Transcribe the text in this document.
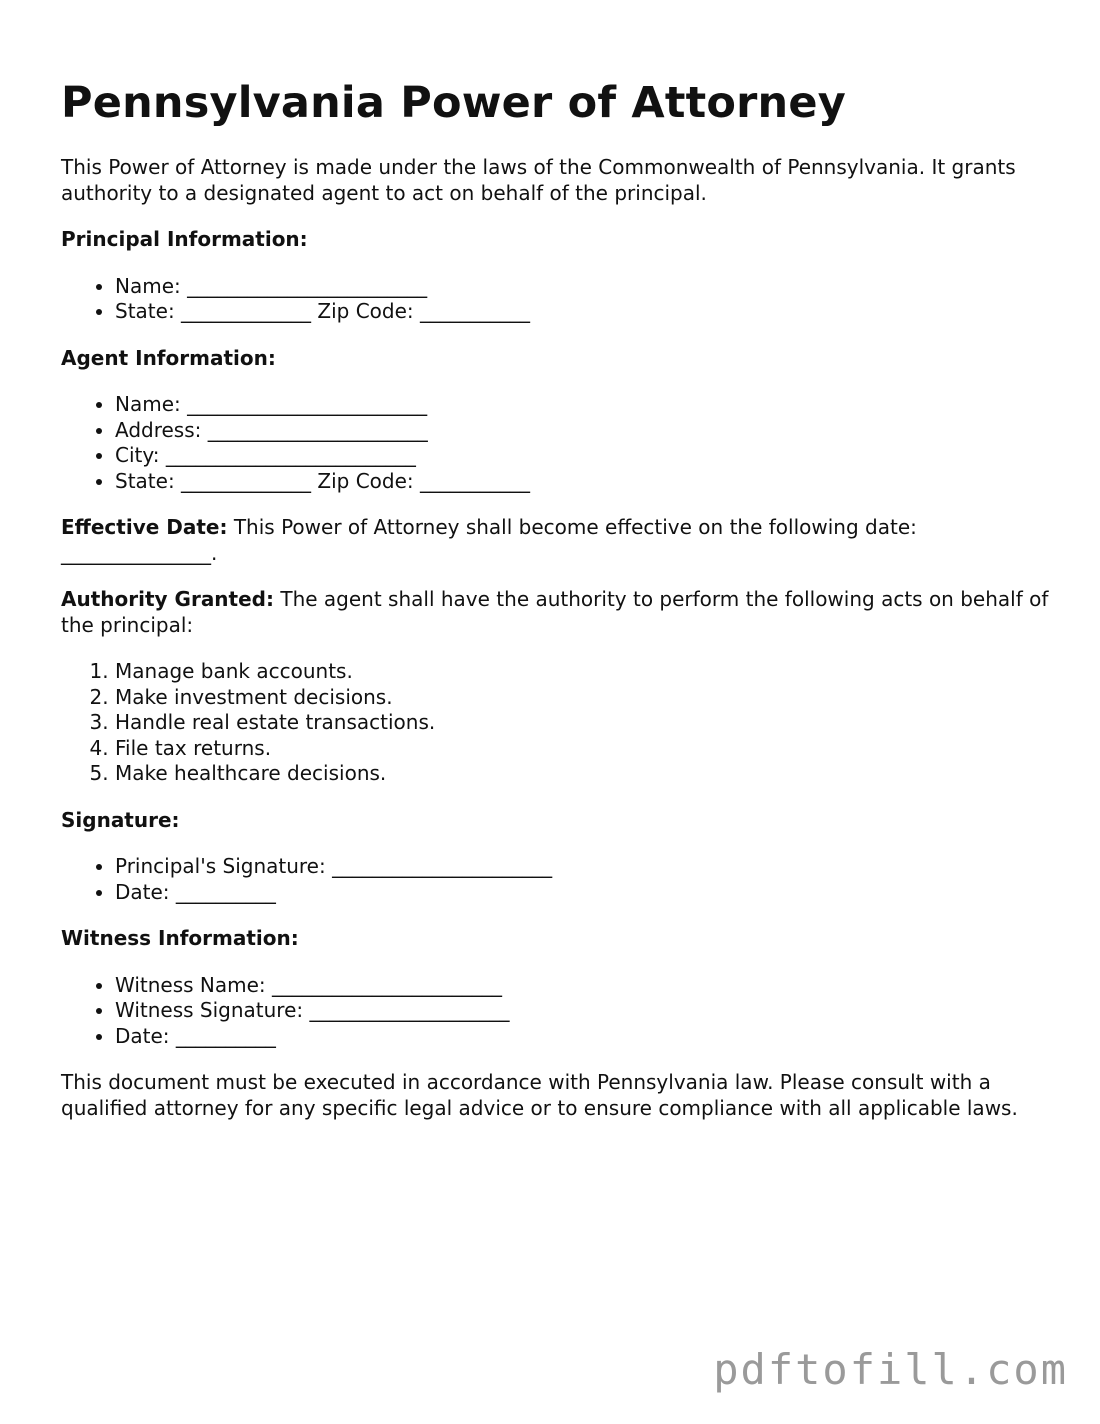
Pennsylvania Power of Attorney

This Power of Attorney is made under the laws of the Commonwealth of Pennsylvania. It grants authority to a designated agent to act on behalf of the principal.

Principal Information:
• Name: ________________________
• State: _____________ Zip Code: ___________
Agent Information:
• Name: ________________________
• Address: ______________________
• City: _________________________
• State: _____________ Zip Code: ___________

Effective Date: This Power of Attorney shall become effective on the following date: _______________.

Authority Granted: The agent shall have the authority to perform the following acts on behalf of the principal:

1. Manage bank accounts.
2. Make investment decisions.
3. Handle real estate transactions.
4. File tax returns.
5. Make healthcare decisions.
Signature:
• Principal's Signature: ______________________
• Date: __________
Witness Information:
• Witness Name: _______________________
• Witness Signature: ____________________
• Date: __________

This document must be executed in accordance with Pennsylvania law. Please consult with a qualified attorney for any specific legal advice or to ensure compliance with all applicable laws.

pdftofill.com
